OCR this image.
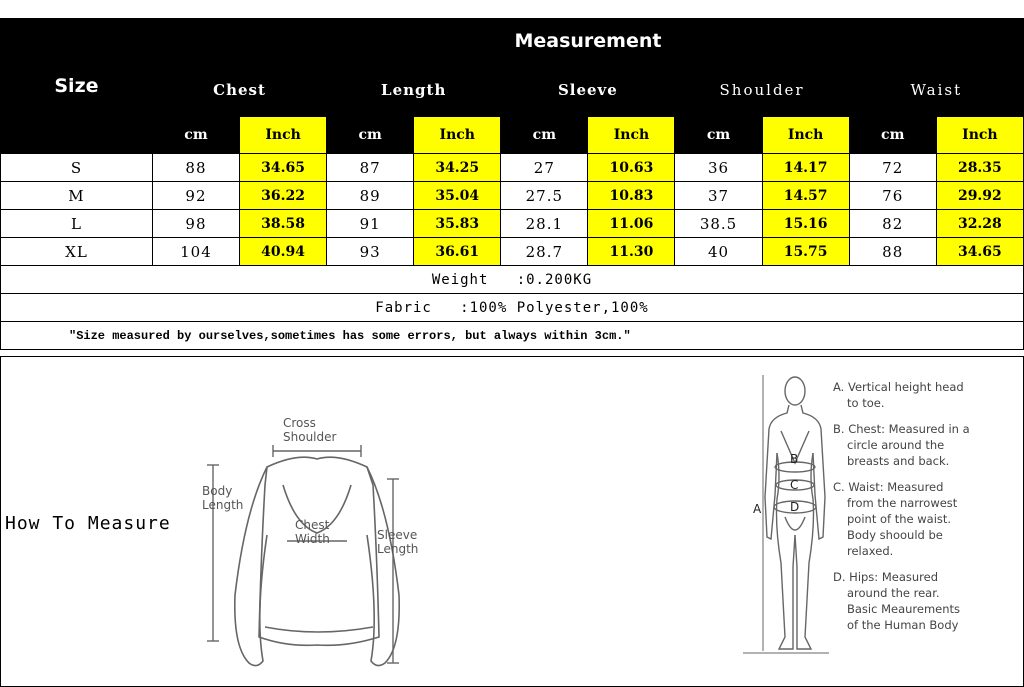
Size	Measurement									
	Chest		Length		Sleeve		Shoulder		Waist	
	cm	Inch	cm	Inch	cm	Inch	cm	Inch	cm	Inch
S	88	34.65	87	34.25	27	10.63	36	14.17	72	28.35
M	92	36.22	89	35.04	27.5	10.83	37	14.57	76	29.92
L	98	38.58	91	35.83	28.1	11.06	38.5	15.16	82	32.28
XL	104	40.94	93	36.61	28.7	11.30	40	15.75	88	34.65
Weight   :0.200KG										
Fabric   :100% Polyester,100%										
"Size measured by ourselves,sometimes has some errors, but always within 3cm."										
How To Measure
Cross
Shoulder
Body
Length
Chest
Width	Sleeve
Length
A
B
C
D

A. Vertical height head

to toe.

B. Chest: Measured in a

circle around the
breasts and back.

C. Waist: Measured

from the narrowest
point of the waist.
Body shoould be
relaxed.

D. Hips: Measured

around the rear.
Basic Meaurements
of the Human Body
